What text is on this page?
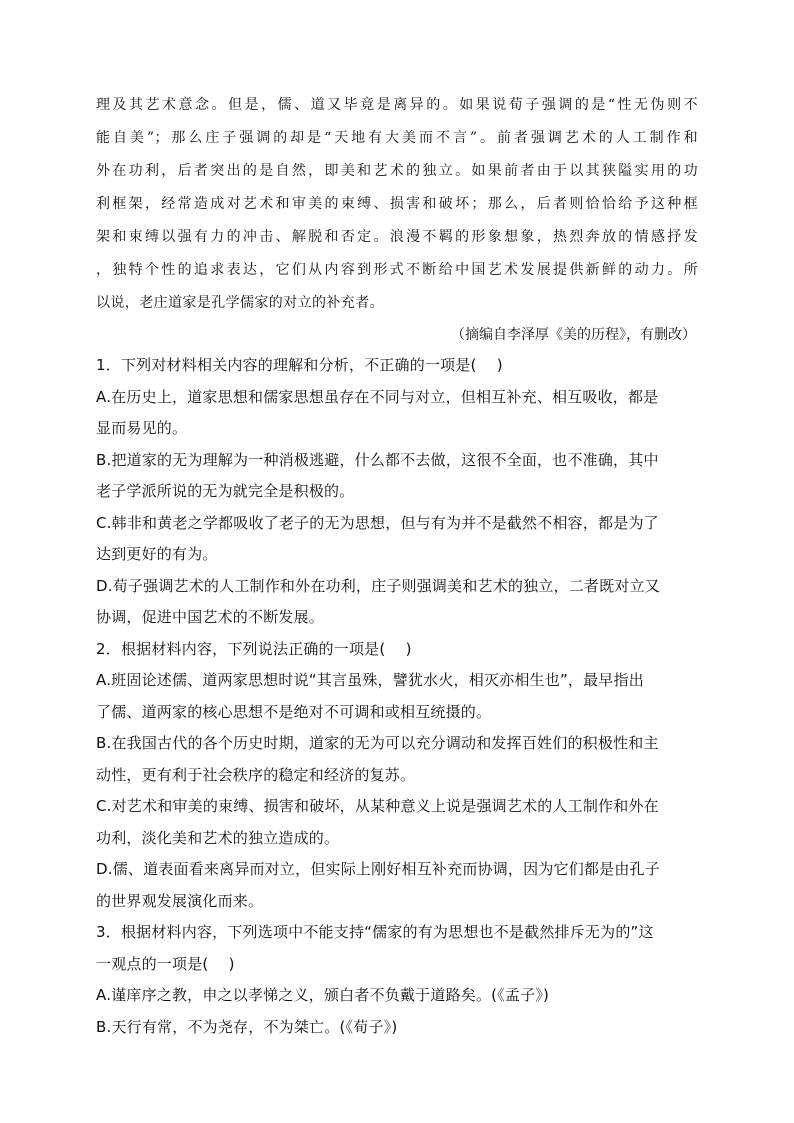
理及其艺术意念。但是，儒、道又毕竟是离异的。如果说荀子强调的是“性无伪则不

能自美”；那么庄子强调的却是“天地有大美而不言”。前者强调艺术的人工制作和

外在功利，后者突出的是自然，即美和艺术的独立。如果前者由于以其狭隘实用的功

利框架，经常造成对艺术和审美的束缚、损害和破坏；那么，后者则恰恰给予这种框

架和束缚以强有力的冲击、解脱和否定。浪漫不羁的形象想象，热烈奔放的情感抒发

，独特个性的追求表达，它们从内容到形式不断给中国艺术发展提供新鲜的动力。所

以说，老庄道家是孔学儒家的对立的补充者。

（摘编自李泽厚《美的历程》，有删改）

1．下列对材料相关内容的理解和分析，不正确的一项是(　 )
A.在历史上，道家思想和儒家思想虽存在不同与对立，但相互补充、相互吸收，都是
显而易见的。
B.把道家的无为理解为一种消极逃避，什么都不去做，这很不全面，也不准确，其中
老子学派所说的无为就完全是积极的。
C.韩非和黄老之学都吸收了老子的无为思想，但与有为并不是截然不相容，都是为了
达到更好的有为。
D.荀子强调艺术的人工制作和外在功利，庄子则强调美和艺术的独立，二者既对立又
协调，促进中国艺术的不断发展。
2．根据材料内容，下列说法正确的一项是(　 )
A.班固论述儒、道两家思想时说“其言虽殊，譬犹水火，相灭亦相生也”，最早指出
了儒、道两家的核心思想不是绝对不可调和或相互统摄的。
B.在我国古代的各个历史时期，道家的无为可以充分调动和发挥百姓们的积极性和主
动性，更有利于社会秩序的稳定和经济的复苏。
C.对艺术和审美的束缚、损害和破坏，从某种意义上说是强调艺术的人工制作和外在
功利，淡化美和艺术的独立造成的。
D.儒、道表面看来离异而对立，但实际上刚好相互补充而协调，因为它们都是由孔子
的世界观发展演化而来。
3．根据材料内容，下列选项中不能支持“儒家的有为思想也不是截然排斥无为的”这
一观点的一项是(　 )
A.谨庠序之教，申之以孝悌之义，颁白者不负戴于道路矣。(《孟子》)
B.天行有常，不为尧存，不为桀亡。(《荀子》)
